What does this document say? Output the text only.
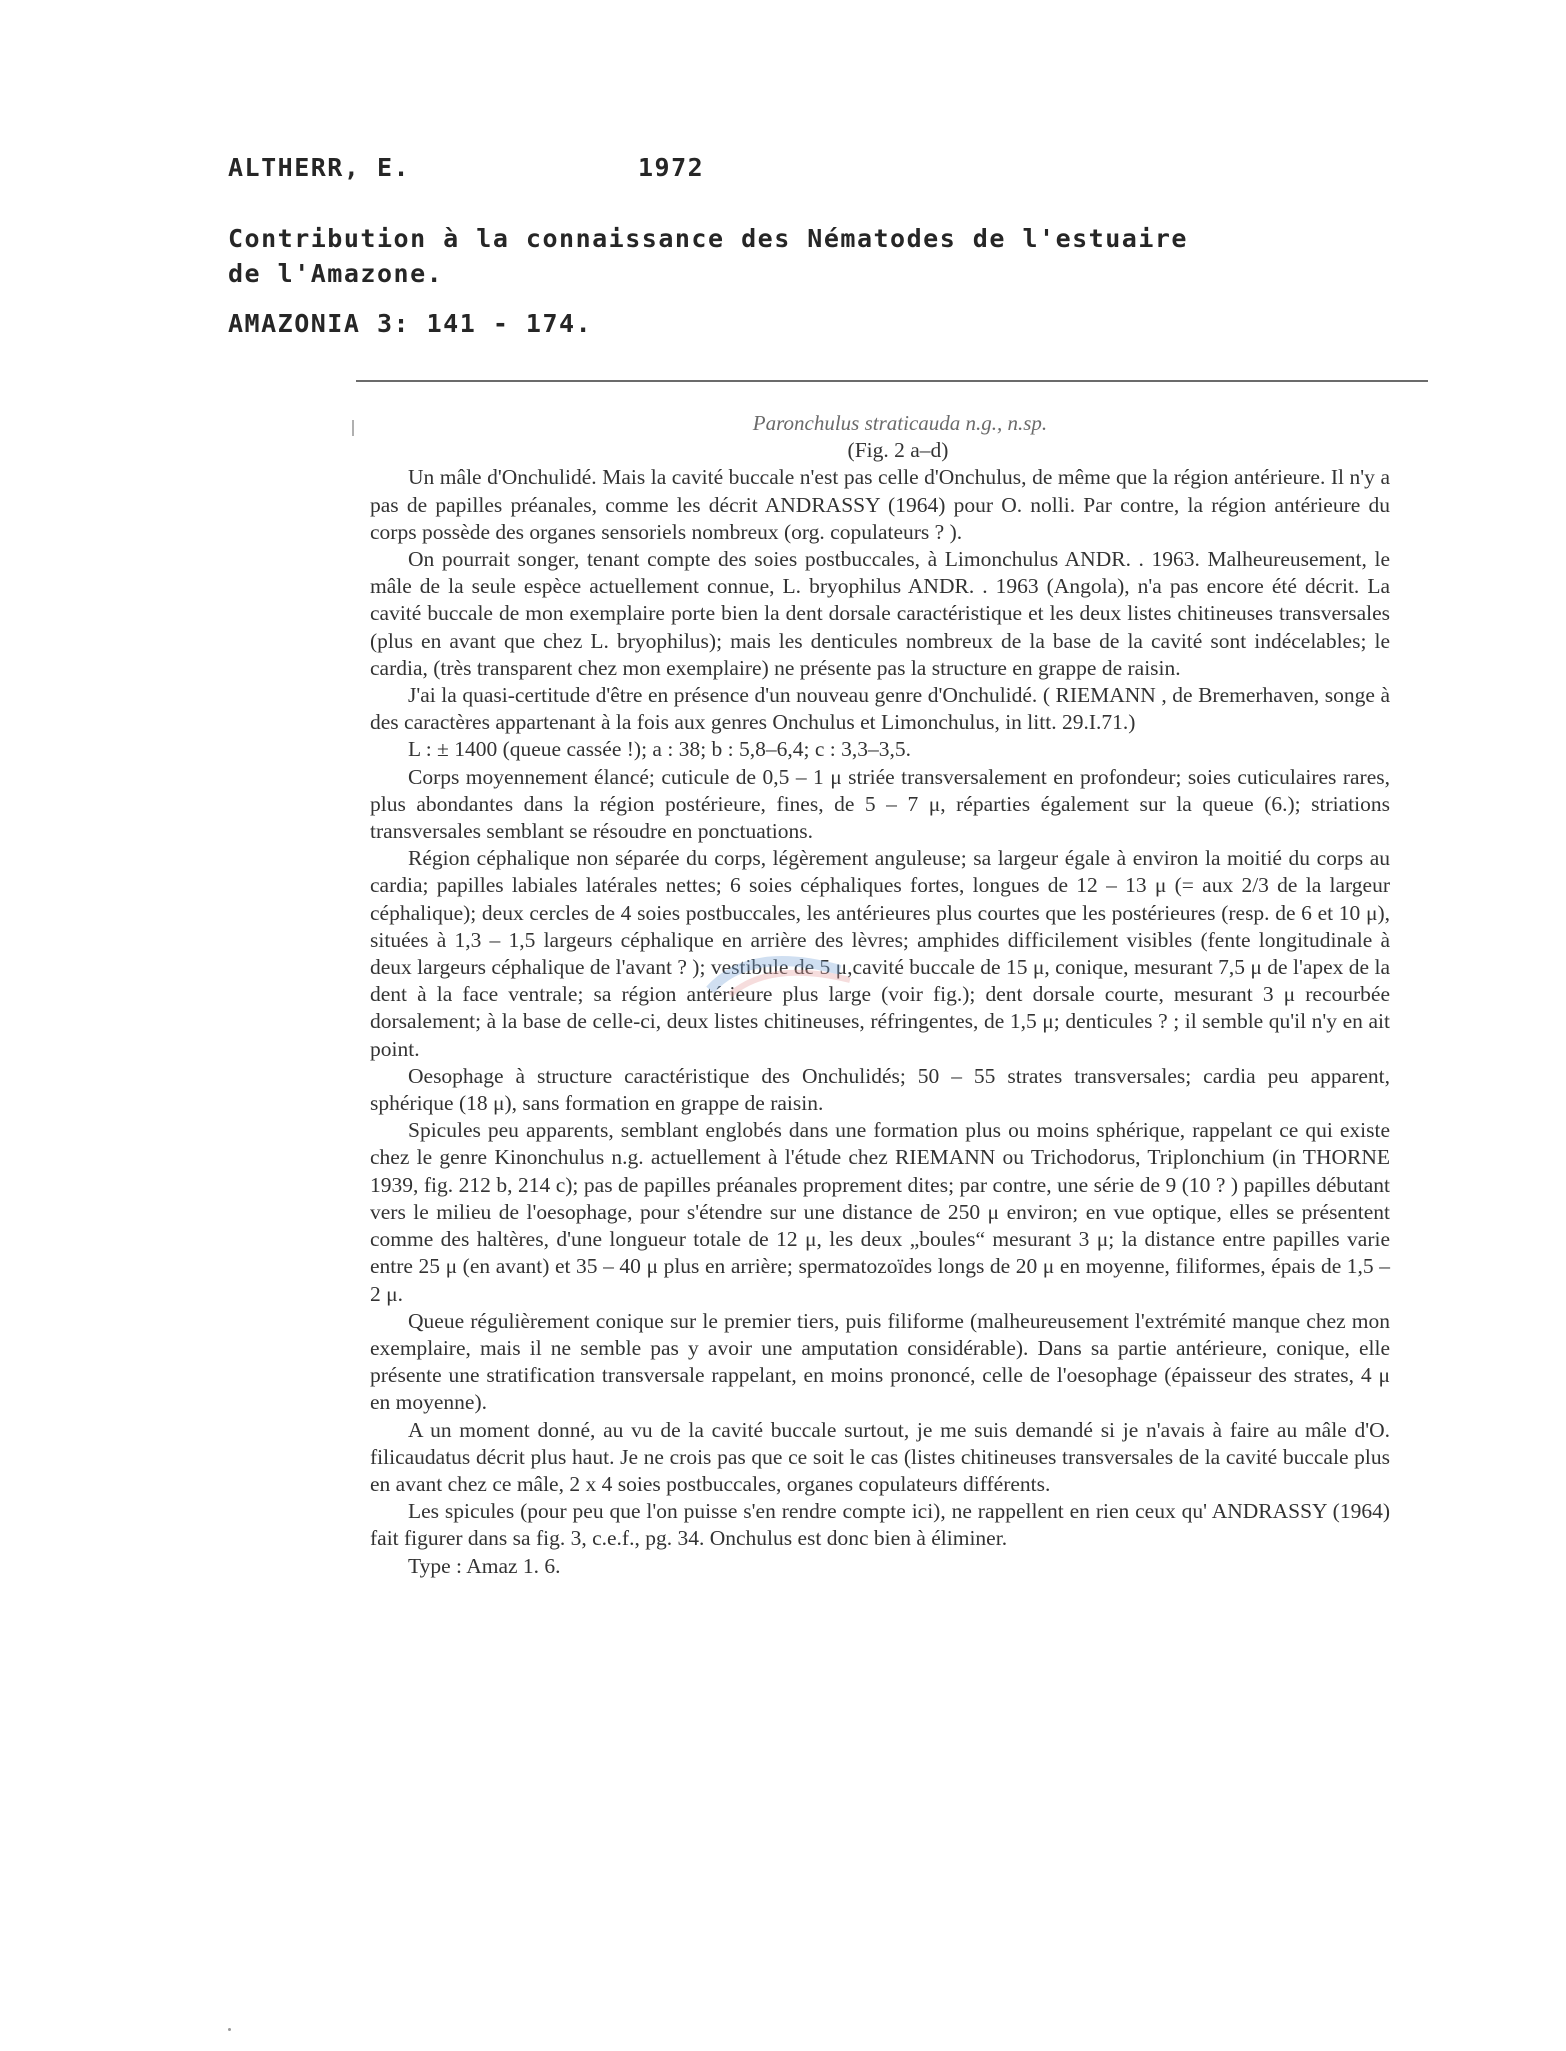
ALTHERR, E.	1972
Contribution à la connaissance des Nématodes de l'estuaire
de l'Amazone.
AMAZONIA 3: 141 - 174.
Paronchulus straticauda n.g., n.sp.
(Fig. 2 a–d)

Un mâle d'Onchulidé. Mais la cavité buccale n'est pas celle d'Onchulus, de même que la région antérieure. Il n'y a pas de papilles préanales, comme les décrit ANDRASSY (1964) pour O. nolli. Par contre, la région antérieure du corps possède des organes sensoriels nombreux (org. copulateurs ? ).

On pourrait songer, tenant compte des soies postbuccales, à Limonchulus ANDR. . 1963. Malheureusement, le mâle de la seule espèce actuellement connue, L. bryophilus ANDR. . 1963 (Angola), n'a pas encore été décrit. La cavité buccale de mon exemplaire porte bien la dent dorsale caractéristique et les deux listes chitineuses transversales (plus en avant que chez L. bryophilus); mais les denticules nombreux de la base de la cavité sont indécelables; le cardia, (très transparent chez mon exemplaire) ne présente pas la structure en grappe de raisin.

J'ai la quasi-certitude d'être en présence d'un nouveau genre d'Onchulidé. ( RIEMANN , de Bremerhaven, songe à des caractères appartenant à la fois aux genres Onchulus et Limonchulus, in litt. 29.I.71.)

L : ± 1400 (queue cassée !); a : 38; b : 5,8–6,4; c : 3,3–3,5.

Corps moyennement élancé; cuticule de 0,5 – 1 μ striée transversalement en profondeur; soies cuticulaires rares, plus abondantes dans la région postérieure, fines, de 5 – 7 μ, réparties également sur la queue (6.); striations transversales semblant se résoudre en ponctuations.

Région céphalique non séparée du corps, légèrement anguleuse; sa largeur égale à environ la moitié du corps au cardia; papilles labiales latérales nettes; 6 soies céphaliques fortes, longues de 12 – 13 μ (= aux 2/3 de la largeur céphalique); deux cercles de 4 soies postbuccales, les antérieures plus courtes que les postérieures (resp. de 6 et 10 μ), situées à 1,3 – 1,5 largeurs céphalique en arrière des lèvres; amphides difficilement visibles (fente longitudinale à deux largeurs céphalique de l'avant ? ); vestibule de 5 μ,cavité buccale de 15 μ, conique, mesurant 7,5 μ de l'apex de la dent à la face ventrale; sa région antérieure plus large (voir fig.); dent dorsale courte, mesurant 3 μ recourbée dorsalement; à la base de celle-ci, deux listes chitineuses, réfringentes, de 1,5 μ; denticules ? ; il semble qu'il n'y en ait point.

Oesophage à structure caractéristique des Onchulidés; 50 – 55 strates transversales; cardia peu apparent, sphérique (18 μ), sans formation en grappe de raisin.

Spicules peu apparents, semblant englobés dans une formation plus ou moins sphérique, rappelant ce qui existe chez le genre Kinonchulus n.g. actuellement à l'étude chez RIEMANN ou Trichodorus, Triplonchium (in THORNE 1939, fig. 212 b, 214 c); pas de papilles préanales proprement dites; par contre, une série de 9 (10 ? ) papilles débutant vers le milieu de l'oesophage, pour s'étendre sur une distance de 250 μ environ; en vue optique, elles se présentent comme des haltères, d'une longueur totale de 12 μ, les deux „boules“ mesurant 3 μ; la distance entre papilles varie entre 25 μ (en avant) et 35 – 40 μ plus en arrière; spermatozoïdes longs de 20 μ en moyenne, filiformes, épais de 1,5 – 2 μ.

Queue régulièrement conique sur le premier tiers, puis filiforme (malheureusement l'extrémité manque chez mon exemplaire, mais il ne semble pas y avoir une amputation considérable). Dans sa partie antérieure, conique, elle présente une stratification transversale rappelant, en moins prononcé, celle de l'oesophage (épaisseur des strates, 4 μ en moyenne).

A un moment donné, au vu de la cavité buccale surtout, je me suis demandé si je n'avais à faire au mâle d'O. filicaudatus décrit plus haut. Je ne crois pas que ce soit le cas (listes chitineuses transversales de la cavité buccale plus en avant chez ce mâle, 2 x 4 soies postbuccales, organes copulateurs différents.

Les spicules (pour peu que l'on puisse s'en rendre compte ici), ne rappellent en rien ceux qu' ANDRASSY (1964) fait figurer dans sa fig. 3, c.e.f., pg. 34. Onchulus est donc bien à éliminer.

Type : Amaz 1. 6.
